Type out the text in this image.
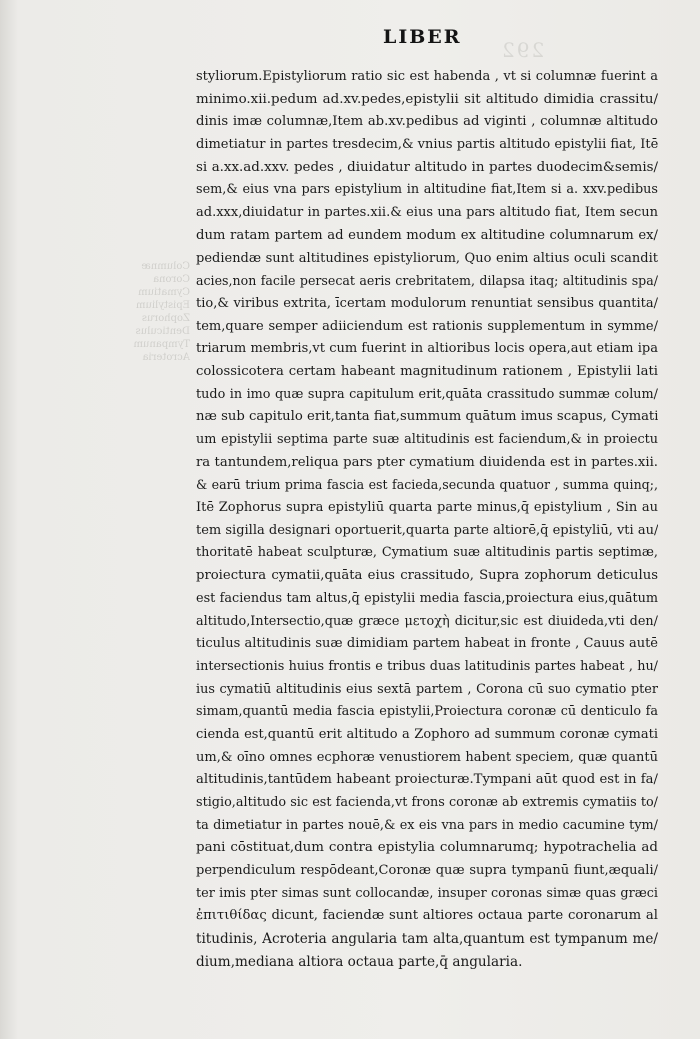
292
Columnæ
Corona
Cymatium
Epistylium
Zophorus
Denticulus
Tympanum
Acroteria
LIBER
styliorum.Epistyliorum ratio sic est habenda , vt si columnæ fuerint a
minimo.xii.pedum ad.xv.pedes,epistylii sit altitudo dimidia crassitu/
dinis imæ columnæ,Item ab.xv.pedibus ad viginti , columnæ altitudo
dimetiatur in partes tresdecim,& vnius partis altitudo epistylii fiat, Itē
si a.xx.ad.xxv. pedes , diuidatur altitudo in partes duodecim&semis/
sem,& eius vna pars epistylium in altitudine fiat,Item si a. xxv.pedibus
ad.xxx,diuidatur in partes.xii.& eius una pars altitudo fiat, Item secun
dum ratam partem ad eundem modum ex altitudine columnarum ex/
pediendæ sunt altitudines epistyliorum, Quo enim altius oculi scandit
acies,non facile persecat aeris crebritatem, dilapsa itaq; altitudinis spa/
tio,& viribus extrita, īcertam modulorum renuntiat sensibus quantita/
tem,quare semper adiiciendum est rationis supplementum in symme/
triarum membris,vt cum fuerint in altioribus locis opera,aut etiam ipa
colossicotera certam habeant magnitudinum rationem , Epistylii lati
tudo in imo quæ supra capitulum erit,quāta crassitudo summæ colum/
næ sub capitulo erit,tanta fiat,summum quātum imus scapus, Cymati
um epistylii septima parte suæ altitudinis est faciendum,& in proiectu
ra tantundem,reliqua pars pter cymatium diuidenda est in partes.xii.
& earū trium prima fascia est facieda,secunda quatuor , summa quinq;,
Itē Zophorus supra epistyliū quarta parte minus,q̄ epistylium , Sin au
tem sigilla designari oportuerit,quarta parte altiorē,q̄ epistyliū, vti au/
thoritatē habeat sculpturæ, Cymatium suæ altitudinis partis septimæ,
proiectura cymatii,quāta eius crassitudo, Supra zophorum deticulus
est faciendus tam altus,q̄ epistylii media fascia,proiectura eius,quātum
altitudo,Intersectio,quæ græce μετοχὴ dicitur,sic est diuideda,vti den/
ticulus altitudinis suæ dimidiam partem habeat in fronte , Cauus autē
intersectionis huius frontis e tribus duas latitudinis partes habeat , hu/
ius cymatiū altitudinis eius sextā partem , Corona cū suo cymatio pter
simam,quantū media fascia epistylii,Proiectura coronæ cū denticulo fa
cienda est,quantū erit altitudo a Zophoro ad summum coronæ cymati
um,& oīno omnes ecphoræ venustiorem habent speciem, quæ quantū
altitudinis,tantūdem habeant proiecturæ.Tympani aūt quod est in fa/
stigio,altitudo sic est facienda,vt frons coronæ ab extremis cymatiis to/
ta dimetiatur in partes nouē,& ex eis vna pars in medio cacumine tym/
pani cōstituat,dum contra epistylia columnarumq; hypotrachelia ad
perpendiculum respōdeant,Coronæ quæ supra tympanū fiunt,æquali/
ter imis pter simas sunt collocandæ, insuper coronas simæ quas græci
ἐπιτιθίδας dicunt, faciendæ sunt altiores octaua parte coronarum al
titudinis, Acroteria angularia tam alta,quantum est tympanum me/
dium,mediana altiora octaua parte,q̄ angularia.
